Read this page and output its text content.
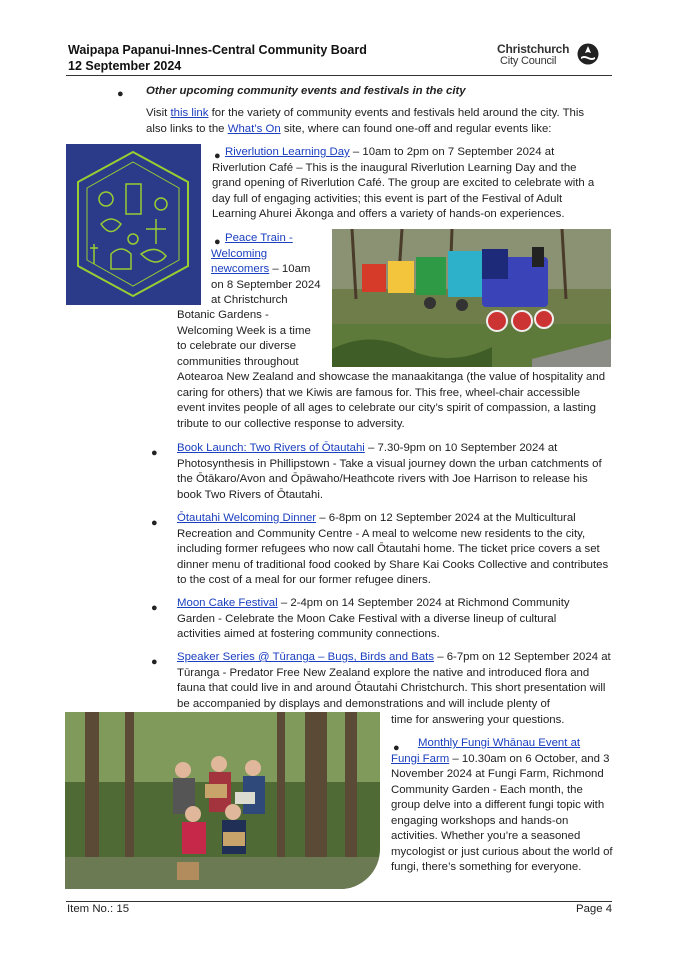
Waipapa Papanui-Innes-Central Community Board
12 September 2024
Christchurch
City Council
● Other upcoming community events and festivals in the city

Visit this link for the variety of community events and festivals held around the city. This also links to the What’s On site, where can found one-off and regular events like:

● Riverlution Learning Day – 10am to 2pm on 7 September 2024 at Riverlution Café – This is the inaugural Riverlution Learning Day and the grand opening of Riverlution Café. The group are excited to celebrate with a day full of engaging activities; this event is part of the Festival of Adult Learning Ahurei Ākonga and offers a variety of hands-on experiences.

● Peace Train -
Welcoming
newcomers – 10am
on 8 September 2024
at Christchurch
Botanic Gardens -
Welcoming Week is a time
to celebrate our diverse
communities throughout

Aotearoa New Zealand and showcase the manaakitanga (the value of hospitality and caring for others) that we Kiwis are famous for. This free, wheel-chair accessible event invites people of all ages to celebrate our city’s spirit of compassion, a lasting tribute to our collective response to adversity.

● Book Launch: Two Rivers of Ōtautahi – 7.30-9pm on 10 September 2024 at Photosynthesis in Phillipstown - Take a visual journey down the urban catchments of the Ōtākaro/Avon and Ōpāwaho/Heathcote rivers with Joe Harrison to release his book Two Rivers of Ōtautahi.

● Ōtautahi Welcoming Dinner – 6-8pm on 12 September 2024 at the Multicultural Recreation and Community Centre - A meal to welcome new residents to the city, including former refugees who now call Ōtautahi home. The ticket price covers a set dinner menu of traditional food cooked by Share Kai Cooks Collective and contributes to the cost of a meal for our former refugee diners.

● Moon Cake Festival – 2-4pm on 14 September 2024 at Richmond Community Garden - Celebrate the Moon Cake Festival with a diverse lineup of cultural activities aimed at fostering community connections.

● Speaker Series @ Tūranga – Bugs, Birds and Bats – 6-7pm on 12 September 2024 at Tūranga - Predator Free New Zealand explore the native and introduced flora and fauna that could live in and around Ōtautahi Christchurch. This short presentation will be accompanied by displays and demonstrations and will include plenty of

time for answering your questions.
●	Monthly Fungi Whānau Event at
Fungi Farm – 10.30am on 6 October, and 3

November 2024 at Fungi Farm, Richmond Community Garden - Each month, the group delve into a different fungi topic with engaging workshops and hands-on activities. Whether you’re a seasoned mycologist or just curious about the world of fungi, there’s something for everyone.

Item No.: 15	Page 4
